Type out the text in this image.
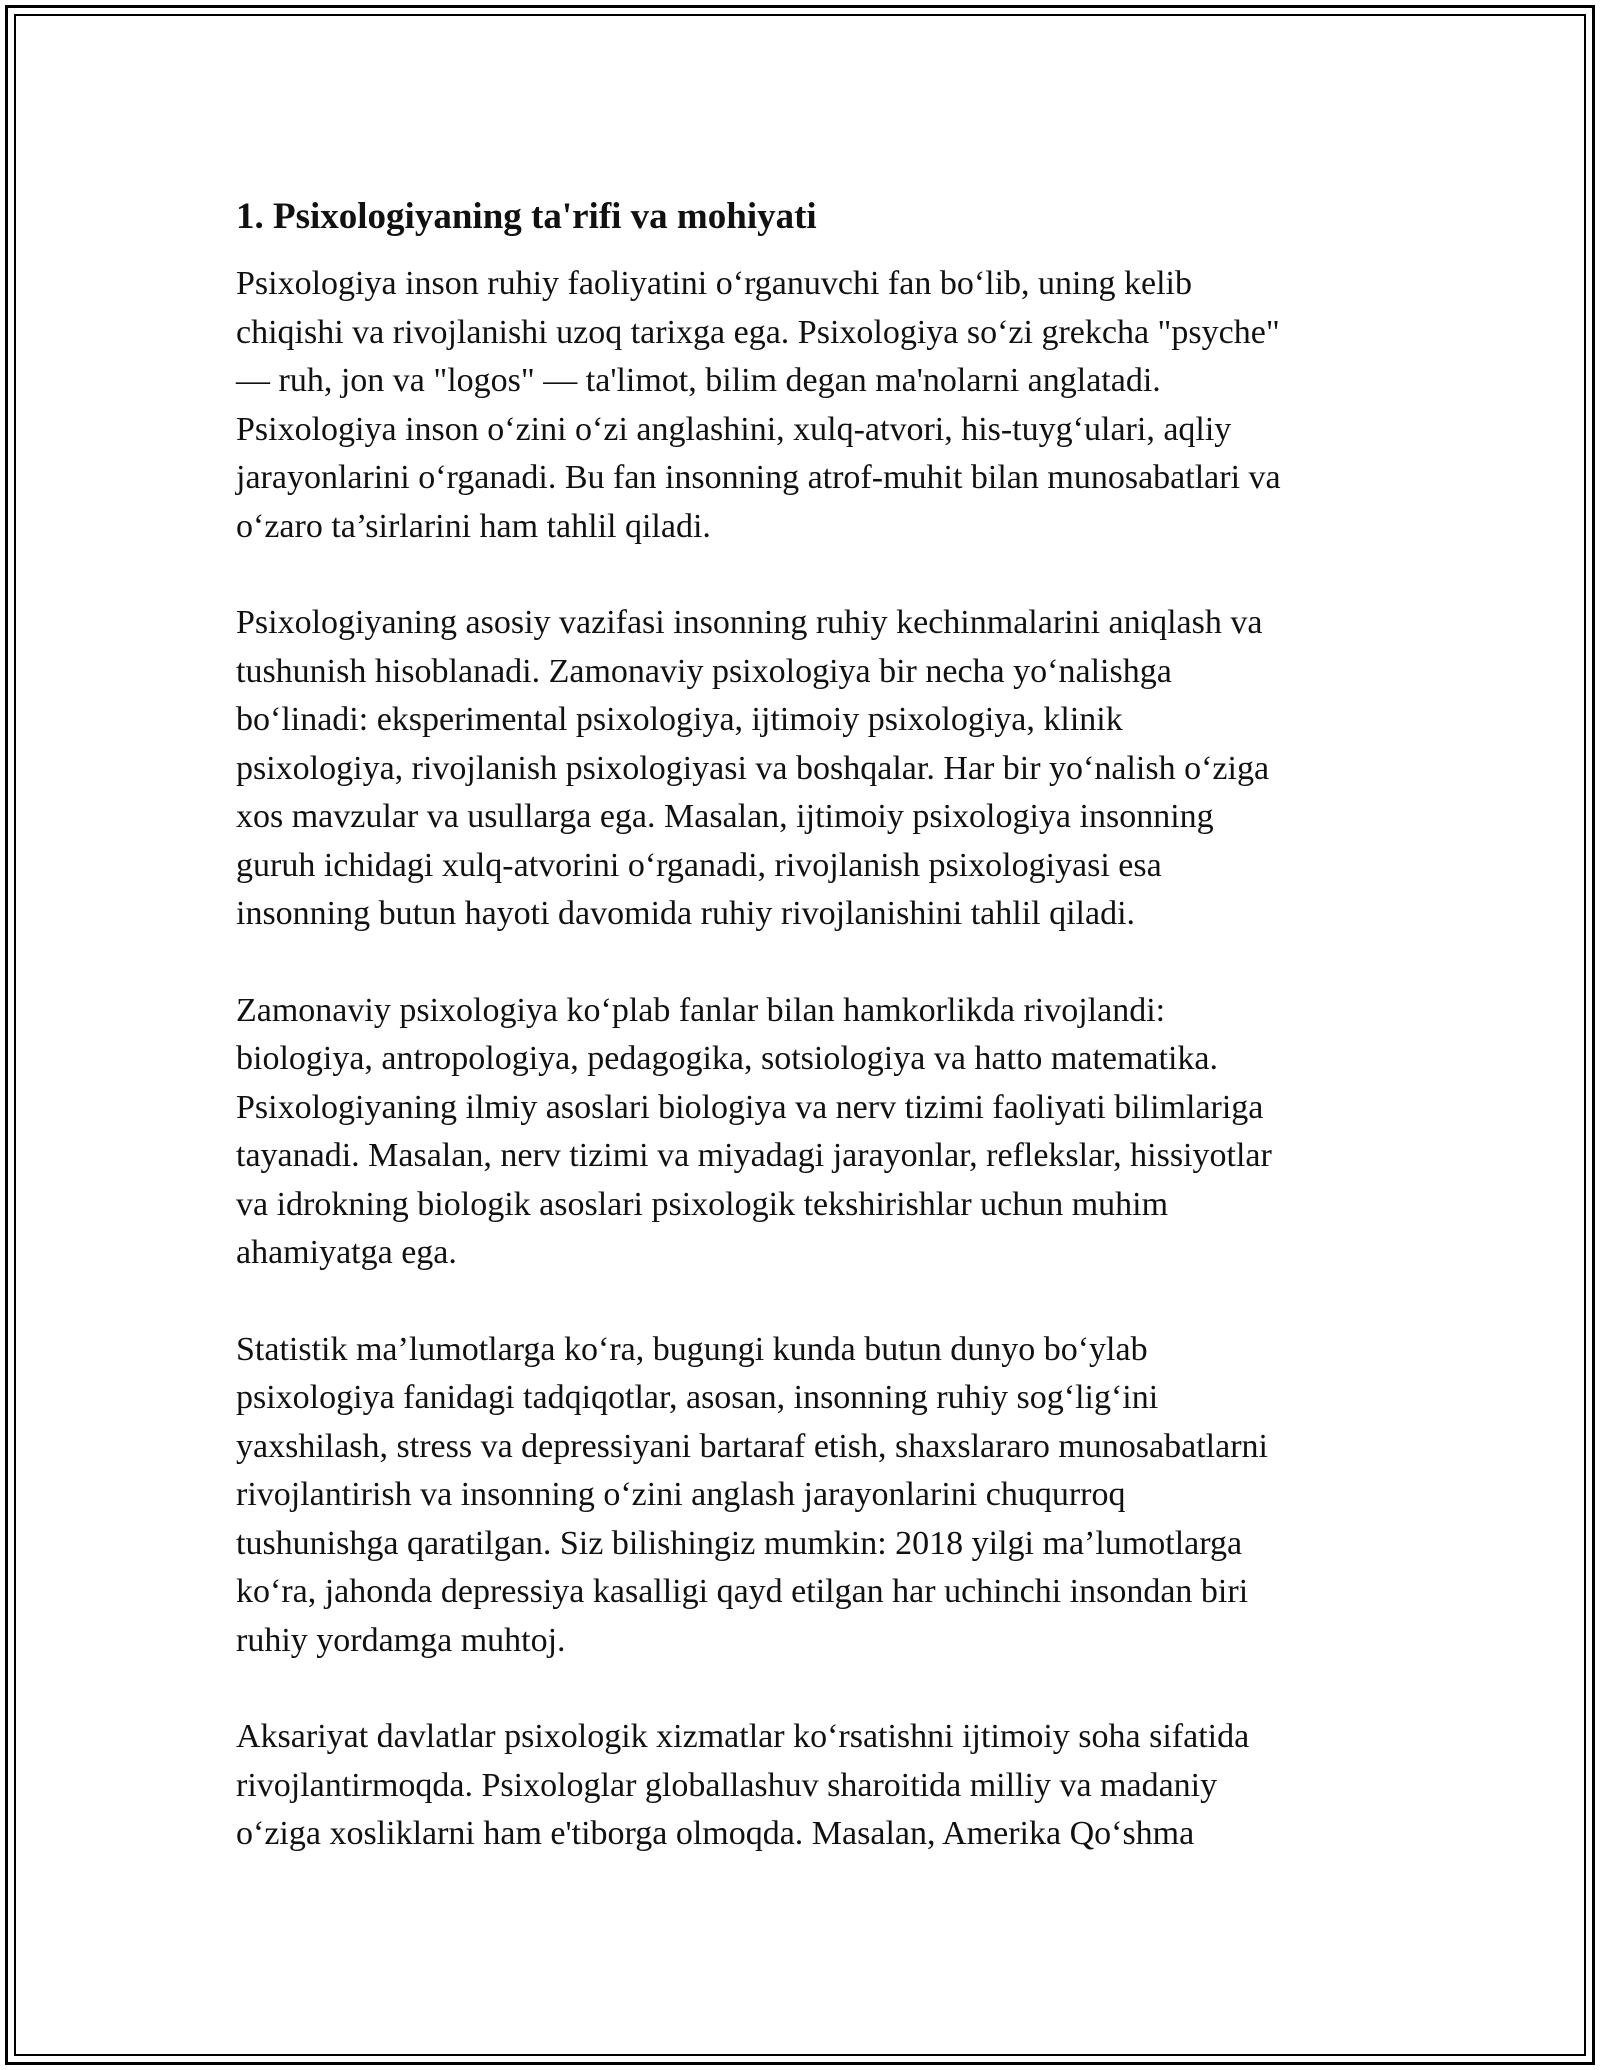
1. Psixologiyaning ta'rifi va mohiyati
Psixologiya inson ruhiy faoliyatini o‘rganuvchi fan bo‘lib, uning kelib
chiqishi va rivojlanishi uzoq tarixga ega. Psixologiya so‘zi grekcha "psyche"
— ruh, jon va "logos" — ta'limot, bilim degan ma'nolarni anglatadi.
Psixologiya inson o‘zini o‘zi anglashini, xulq-atvori, his-tuyg‘ulari, aqliy
jarayonlarini o‘rganadi. Bu fan insonning atrof-muhit bilan munosabatlari va
o‘zaro ta’sirlarini ham tahlil qiladi.
Psixologiyaning asosiy vazifasi insonning ruhiy kechinmalarini aniqlash va
tushunish hisoblanadi. Zamonaviy psixologiya bir necha yo‘nalishga
bo‘linadi: eksperimental psixologiya, ijtimoiy psixologiya, klinik
psixologiya, rivojlanish psixologiyasi va boshqalar. Har bir yo‘nalish o‘ziga
xos mavzular va usullarga ega. Masalan, ijtimoiy psixologiya insonning
guruh ichidagi xulq-atvorini o‘rganadi, rivojlanish psixologiyasi esa
insonning butun hayoti davomida ruhiy rivojlanishini tahlil qiladi.
Zamonaviy psixologiya ko‘plab fanlar bilan hamkorlikda rivojlandi:
biologiya, antropologiya, pedagogika, sotsiologiya va hatto matematika.
Psixologiyaning ilmiy asoslari biologiya va nerv tizimi faoliyati bilimlariga
tayanadi. Masalan, nerv tizimi va miyadagi jarayonlar, reflekslar, hissiyotlar
va idrokning biologik asoslari psixologik tekshirishlar uchun muhim
ahamiyatga ega.
Statistik ma’lumotlarga ko‘ra, bugungi kunda butun dunyo bo‘ylab
psixologiya fanidagi tadqiqotlar, asosan, insonning ruhiy sog‘lig‘ini
yaxshilash, stress va depressiyani bartaraf etish, shaxslararo munosabatlarni
rivojlantirish va insonning o‘zini anglash jarayonlarini chuqurroq
tushunishga qaratilgan. Siz bilishingiz mumkin: 2018 yilgi ma’lumotlarga
ko‘ra, jahonda depressiya kasalligi qayd etilgan har uchinchi insondan biri
ruhiy yordamga muhtoj.
Aksariyat davlatlar psixologik xizmatlar ko‘rsatishni ijtimoiy soha sifatida
rivojlantirmoqda. Psixologlar globallashuv sharoitida milliy va madaniy
o‘ziga xosliklarni ham e'tiborga olmoqda. Masalan, Amerika Qo‘shma
